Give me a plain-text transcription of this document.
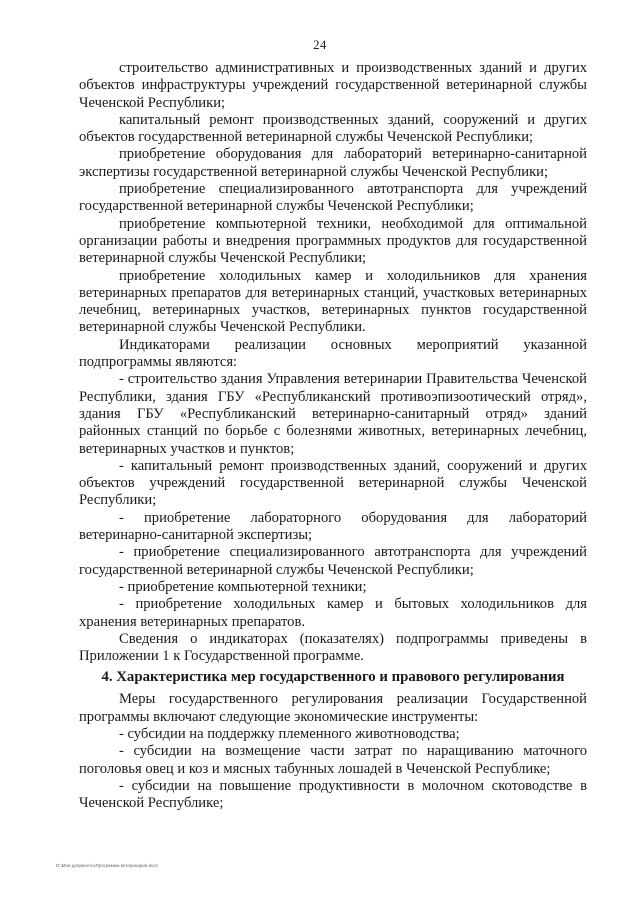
24

строительство административных и производственных зданий и других объектов инфраструктуры учреждений государственной ветеринарной службы Чеченской Республики;

капитальный ремонт производственных зданий, сооружений и других объектов государственной ветеринарной службы Чеченской Республики;

приобретение оборудования для лабораторий ветеринарно-санитарной экспертизы государственной ветеринарной службы Чеченской Республики;

приобретение специализированного автотранспорта для учреждений государственной ветеринарной службы Чеченской Республики;

приобретение компьютерной техники, необходимой для оптимальной организации работы и внедрения программных продуктов для государственной ветеринарной службы Чеченской Республики;

приобретение холодильных камер и холодильников для хранения ветеринарных препаратов для ветеринарных станций, участковых ветеринарных лечебниц, ветеринарных участков, ветеринарных пунктов государственной ветеринарной службы Чеченской Республики.

Индикаторами реализации основных мероприятий указанной подпрограммы являются:

- строительство здания Управления ветеринарии Правительства Чеченской Республики, здания ГБУ «Республиканский противоэпизоотический отряд», здания ГБУ «Республиканский ветеринарно-санитарный отряд» зданий районных станций по борьбе с болезнями животных, ветеринарных лечебниц, ветеринарных участков и пунктов;

- капитальный ремонт производственных зданий, сооружений и других объектов учреждений государственной ветеринарной службы Чеченской Республики;

- приобретение лабораторного оборудования для лабораторий ветеринарно-санитарной экспертизы;

- приобретение специализированного автотранспорта для учреждений государственной ветеринарной службы Чеченской Республики;

- приобретение компьютерной техники;

- приобретение холодильных камер и бытовых холодильников для хранения ветеринарных препаратов.

Сведения о индикаторах (показателях) подпрограммы приведены в Приложении 1 к Государственной программе.

4. Характеристика мер государственного и правового регулирования

Меры государственного регулирования реализации Государственной программы включают следующие экономические инструменты:

- субсидии на поддержку племенного животноводства;

- субсидии на возмещение части затрат по наращиванию маточного поголовья овец и коз и мясных табунных лошадей в Чеченской Республике;

- субсидии на повышение продуктивности в молочном скотоводстве в Чеченской Республике;

D:\Мои документы\Программа ветеринарии.docx
